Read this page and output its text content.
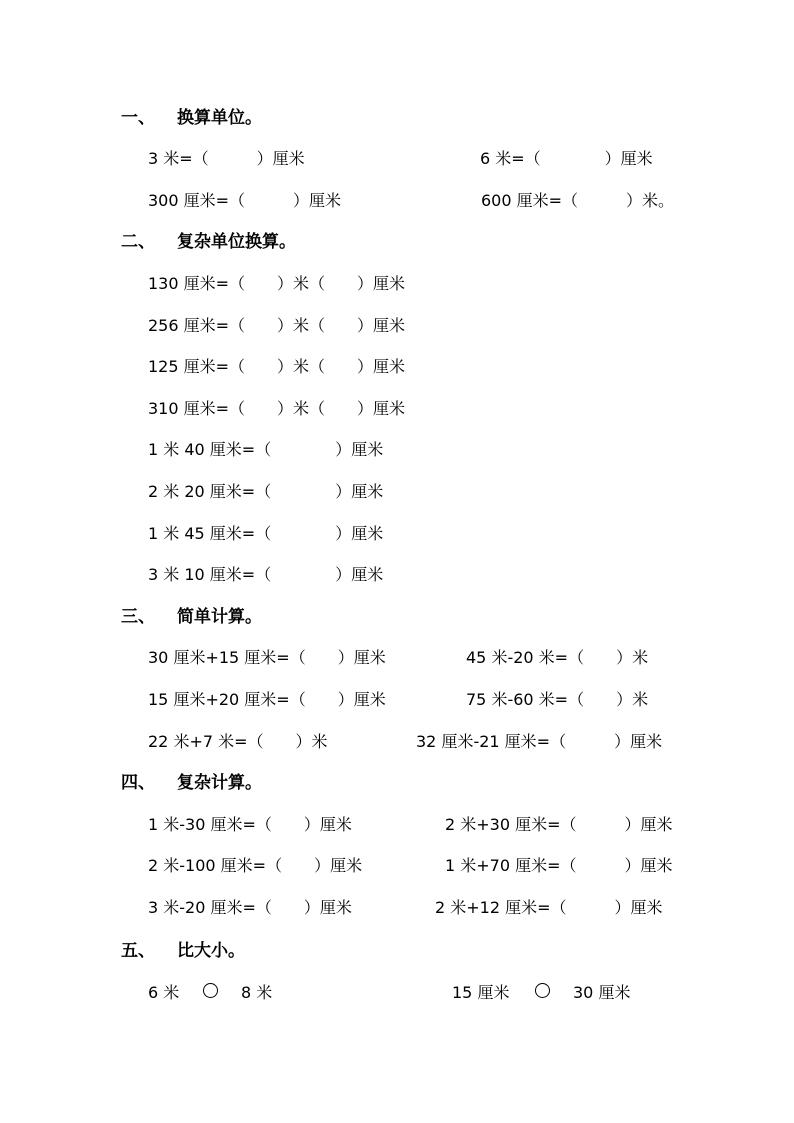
一、 换算单位。
3 米=（　　　）厘米	6 米=（　　　　）厘米
300 厘米=（　　　）厘米	600 厘米=（　　　）米。
二、 复杂单位换算。
130 厘米=（　　）米（　　）厘米
256 厘米=（　　）米（　　）厘米
125 厘米=（　　）米（　　）厘米
310 厘米=（　　）米（　　）厘米
1 米 40 厘米=（　　　　）厘米
2 米 20 厘米=（　　　　）厘米
1 米 45 厘米=（　　　　）厘米
3 米 10 厘米=（　　　　）厘米
三、 简单计算。
30 厘米+15 厘米=（　　）厘米	45 米-20 米=（　　）米
15 厘米+20 厘米=（　　）厘米	75 米-60 米=（　　）米
22 米+7 米=（　　）米	32 厘米-21 厘米=（　　　）厘米
四、 复杂计算。
1 米-30 厘米=（　　）厘米	2 米+30 厘米=（　　　）厘米
2 米-100 厘米=（　　）厘米	1 米+70 厘米=（　　　）厘米
3 米-20 厘米=（　　）厘米	2 米+12 厘米=（　　　）厘米
五、 比大小。
6 米	8 米	15 厘米	30 厘米
